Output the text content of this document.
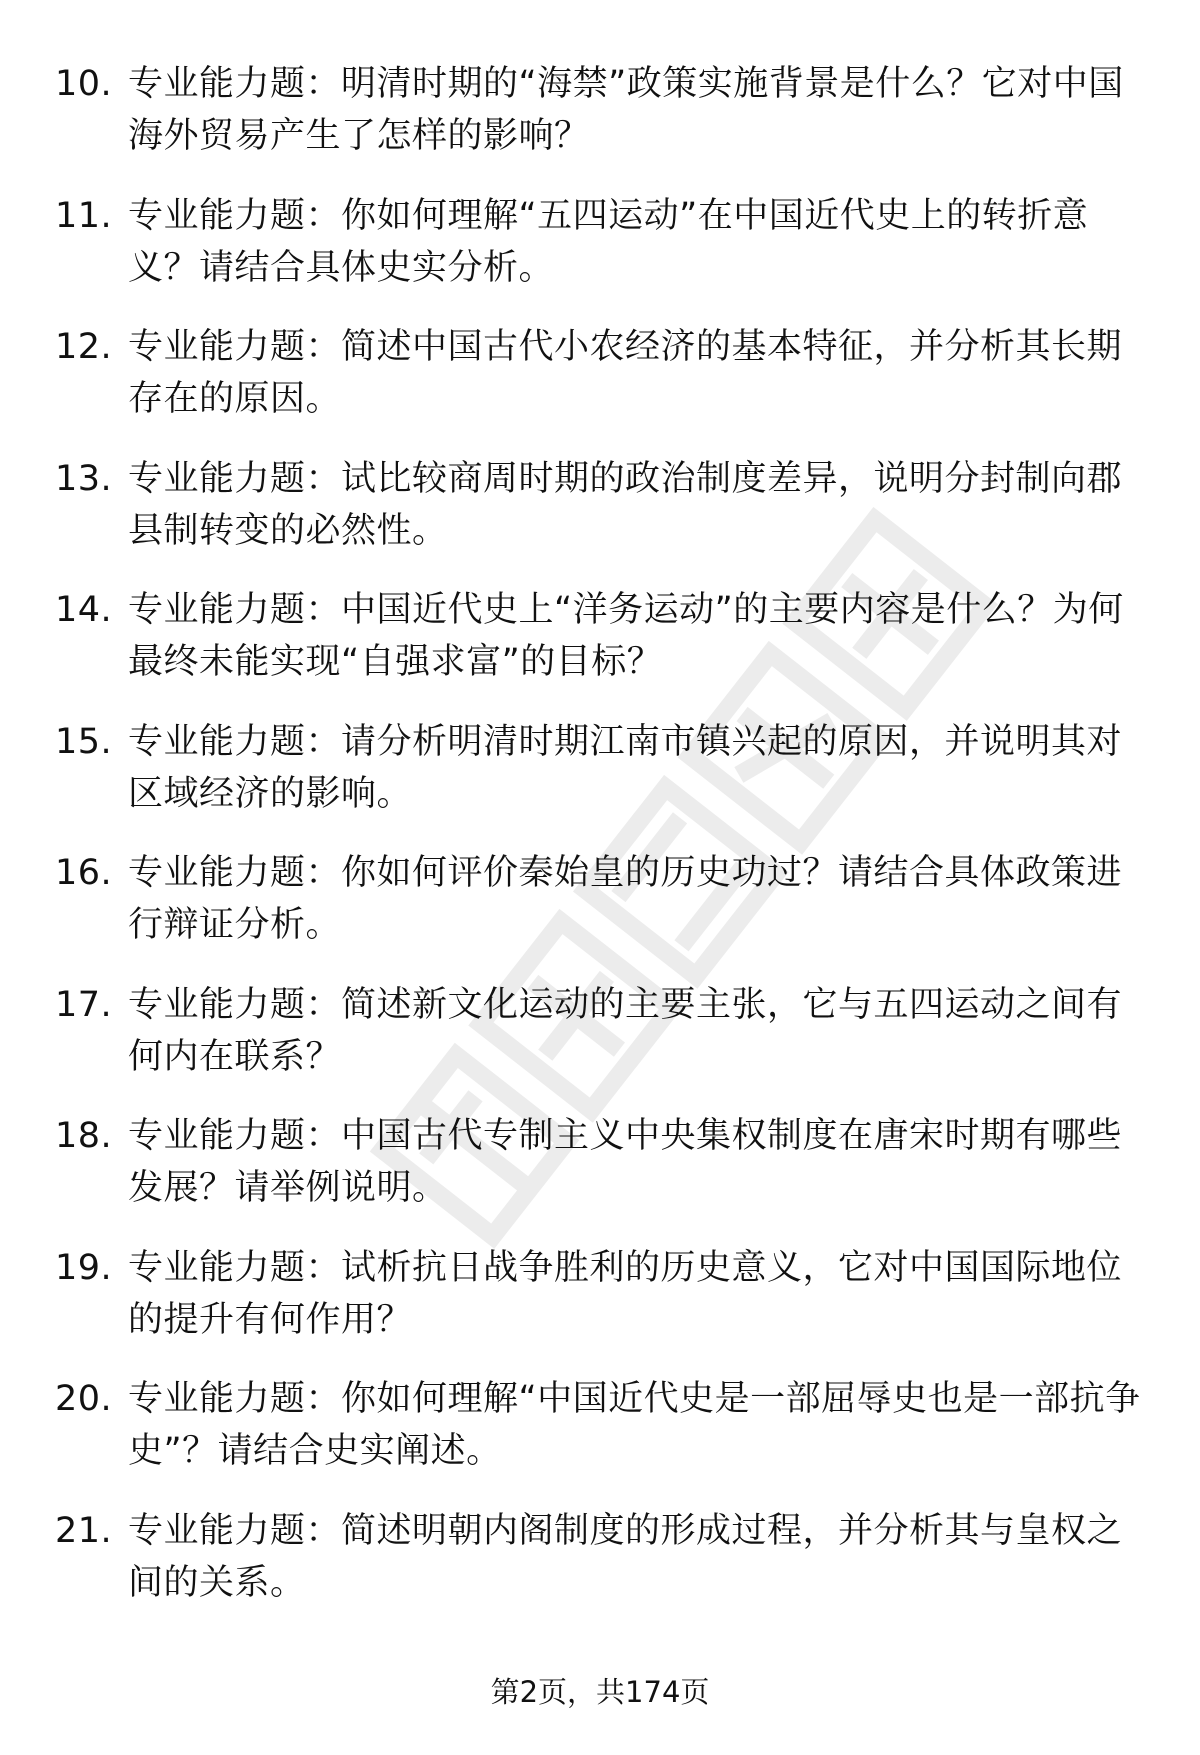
10. 专业能力题：明清时期的“海禁”政策实施背景是什么？它对中国海外贸易产生了怎样的影响？
11. 专业能力题：你如何理解“五四运动”在中国近代史上的转折意义？请结合具体史实分析。
12. 专业能力题：简述中国古代小农经济的基本特征，并分析其长期存在的原因。
13. 专业能力题：试比较商周时期的政治制度差异，说明分封制向郡县制转变的必然性。
14. 专业能力题：中国近代史上“洋务运动”的主要内容是什么？为何最终未能实现“自强求富”的目标？
15. 专业能力题：请分析明清时期江南市镇兴起的原因，并说明其对区域经济的影响。
16. 专业能力题：你如何评价秦始皇的历史功过？请结合具体政策进行辩证分析。
17. 专业能力题：简述新文化运动的主要主张，它与五四运动之间有何内在联系？
18. 专业能力题：中国古代专制主义中央集权制度在唐宋时期有哪些发展？请举例说明。
19. 专业能力题：试析抗日战争胜利的历史意义，它对中国国际地位的提升有何作用？
20. 专业能力题：你如何理解“中国近代史是一部屈辱史也是一部抗争史”？请结合史实阐述。
21. 专业能力题：简述明朝内阁制度的形成过程，并分析其与皇权之间的关系。
第2页，共174页
